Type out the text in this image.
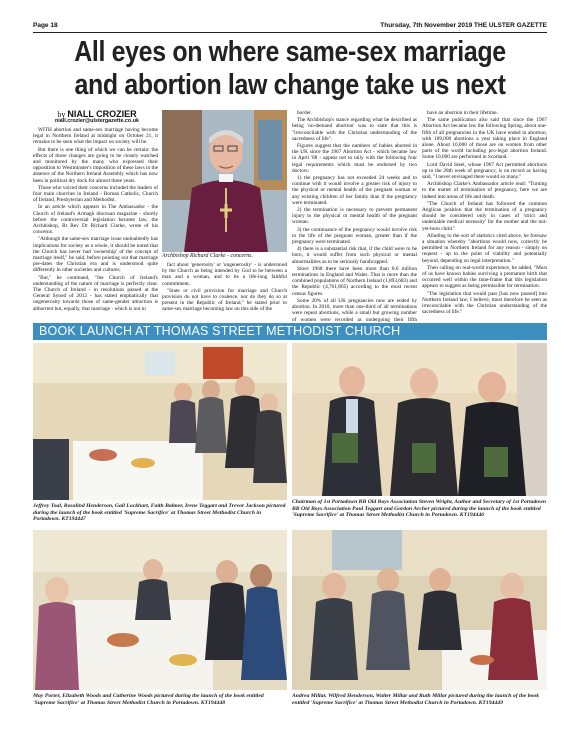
Page 18	Thursday, 7th November 2019 THE ULSTER GAZETTE
All eyes on where same-sex marriage and abortion law change take us next
by NIALL CROZIER
niall.crozier@ulstergazette.co.uk

WITH abortion and same-sex marriage having become legal in Northern Ireland at midnight on October 21, it remains to be seen what the impact on society will be.

But there is one thing of which we can be certain: the effects of those changes are going to be closely watched and monitored by the many who expressed their opposition to Westminster's imposition of these laws in the absence of the Northern Ireland Assembly which has now been in political dry dock for almost three years.

Those who voiced their concerns included the leaders of four main churches in Ireland - Roman Catholic, Church of Ireland, Presbyterian and Methodist.

In an article which appears in The Ambassador - the Church of Ireland's Armagh diocesan magazine - shortly before the controversial legislation became law, the Archbishop, Rt Rev Dr Richard Clarke, wrote of his concerns.

"Although the same-sex marriage issue undoubtedly has implications for society as a whole, it should be noted that the Church has never had 'ownership' of the concept of marriage itself," he said, before pointing out that marriage pre-dates the Christian era and is understood quite differently in other societies and cultures.

"But," he continued, "the Church of Ireland's understanding of the nature of marriage is perfectly clear. The Church of Ireland - in resolutions passed at the General Synod of 2012 - has stated emphatically that ungenerosity towards those of same-gender attraction is abhorrent but, equally, that marriage - which is not in

Archbishop Richard Clarke - concerns.

fact about 'generosity' or 'ungenerosity' - is understood by the Church as being intended by God to be between a man and a woman, and to be a life-long faithful commitment.

"State or civil provision for marriage and Church provision do not have to coalesce, nor do they do so at present in the Republic of Ireland," he stated prior to same-sex marriage becoming law on this side of the

border.

The Archbishop's stance regarding what he described as being 'on-demand abortion' was to state that this is "irreconcilable with the Christian understanding of the sacredness of life".

Figures suggest that the numbers of babies aborted in the UK since the 1967 Abortion Act - which became law in April '68 - appear not to tally with the following four legal requirements which must be endorsed by two doctors:

1) the pregnancy has not exceeded 24 weeks and to continue with it would involve a greater risk of injury to the physical or mental health of the pregnant woman or any existing children of her family than if the pregnancy were terminated.

2) the termination is necessary to prevent permanent injury to the physical or mental health of the pregnant woman.

3) the continuance of the pregnancy would involve risk to the life of the pregnant woman, greater than if the pregnancy were terminated.

4) there is a substantial risk that, if the child were to be born, it would suffer from such physical or mental abnormalities as to be seriously handicapped.

Since 1968 there have been more than 8.6 million terminations in England and Wales. That is more than the combined populations of Northern Ireland (1,893,683) and the Republic (4,761,865) according to the most recent census figures.

Some 20% of all UK pregnancies now are ended by abortion. In 2018, more than one-third of all terminations were repeat abortions, while a small but growing number of women were recorded as undergoing their fifth

have an abortion in their lifetime.

The same publication also said that since the 1967 Abortion Act became law the following Spring, about one-fifth of all pregnancies in the UK have ended in abortion, with 189,000 abortions a year taking place in England alone. About 10,000 of those are on women from other parts of the world including pro-legal abortion Ireland. Some 10,000 are performed in Scotland.

Lord David Steel, whose 1967 Act permitted abortions up to the 28th week of pregnancy, is on record as having said, "I never envisaged there would so many."

Archbishop Clarke's Ambassador article read: "Turning to the matter of termination of pregnancy, here we are indeed into areas of life and death.

"The Church of Ireland has followed the common Anglican position that the termination of a pregnancy should be considered only in cases of 'strict and undeniable medical necessity' for the mother and the not-yet-born child."

Alluding to the sort of statistics cited above, he foresaw a situation whereby "abortions would now, correctly be permitted in Northern Ireland for any reason - simply on request - up to the point of viability and potentially beyond, depending on legal interpretation."

Then calling on real-world experience, he added, "Most of us have known babies surviving a premature birth that occurred well within the time-frame that this legislation appears to suggest as being permissible for termination.

"The legislation that would pass [has now passed] into Northern Ireland law, I believe, must therefore be seen as irreconcilable with the Christian understanding of the sacredness of life."

BOOK LAUNCH AT THOMAS STREET METHODIST CHURCH
Jeffrey Toal, Rosalind Henderson, Gail Lockhart, Faith Balmer, Irene Teggart and Trevor Jackson pictured during the launch of the book entitled 'Supreme Sacrifice' at Thomas Street Methodist Church in Portadown. KT194447
Chairman of 1st Portadown BB Old Boys Association Steven Wright, Author and Secretary of 1st Portadown BB Old Boys Association Paul Teggart and Gordon Archer pictured during the launch of the book entitled 'Supreme Sacrifice' at Thomas Street Methodist Church in Portadown. KT194446
May Porter, Elizabeth Woods and Catherine Woods pictured during the launch of the book entitled 'Supreme Sacrifice' at Thomas Street Methodist Church in Portadown. KT194448
Andrea Millar, Wilfred Henderson, Walter Millar and Ruth Millar pictured during the launch of the book entitled 'Supreme Sacrifice' at Thomas Street Methodist Church in Portadown. KT194449
